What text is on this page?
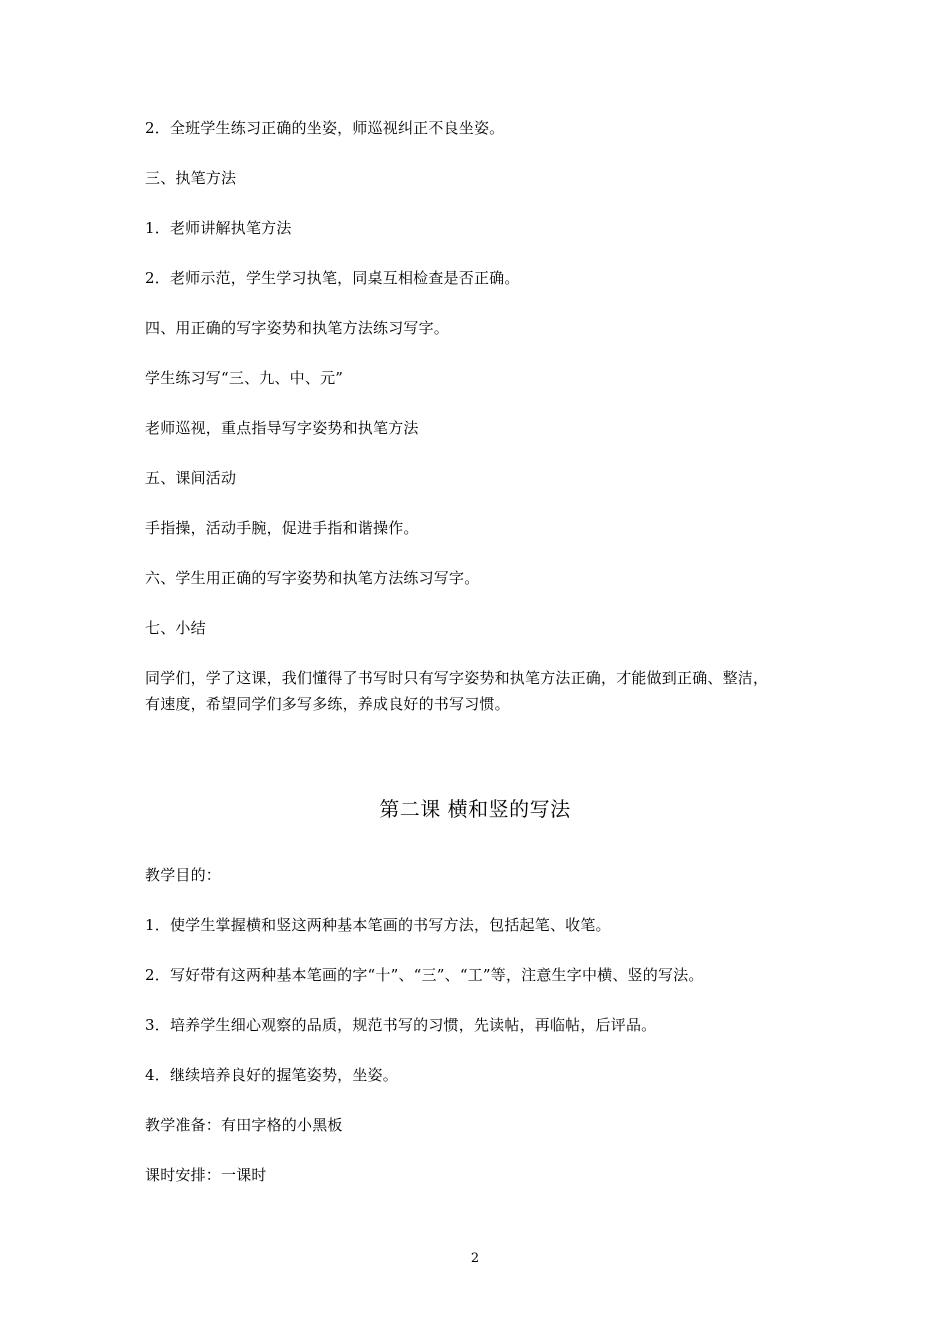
2．全班学生练习正确的坐姿，师巡视纠正不良坐姿。
三、执笔方法
1．老师讲解执笔方法
2．老师示范，学生学习执笔，同桌互相检查是否正确。
四、用正确的写字姿势和执笔方法练习写字。
学生练习写“三、九、中、元”
老师巡视，重点指导写字姿势和执笔方法
五、课间活动
手指操，活动手腕，促进手指和谐操作。
六、学生用正确的写字姿势和执笔方法练习写字。
七、小结
同学们，学了这课，我们懂得了书写时只有写字姿势和执笔方法正确，才能做到正确、整洁，
有速度，希望同学们多写多练，养成良好的书写习惯。
第二课 横和竖的写法
教学目的：
1．使学生掌握横和竖这两种基本笔画的书写方法，包括起笔、收笔。
2．写好带有这两种基本笔画的字“十”、“三”、“工”等，注意生字中横、竖的写法。
3．培养学生细心观察的品质，规范书写的习惯，先读帖，再临帖，后评品。
4．继续培养良好的握笔姿势，坐姿。
教学准备：有田字格的小黑板
课时安排：一课时
2
